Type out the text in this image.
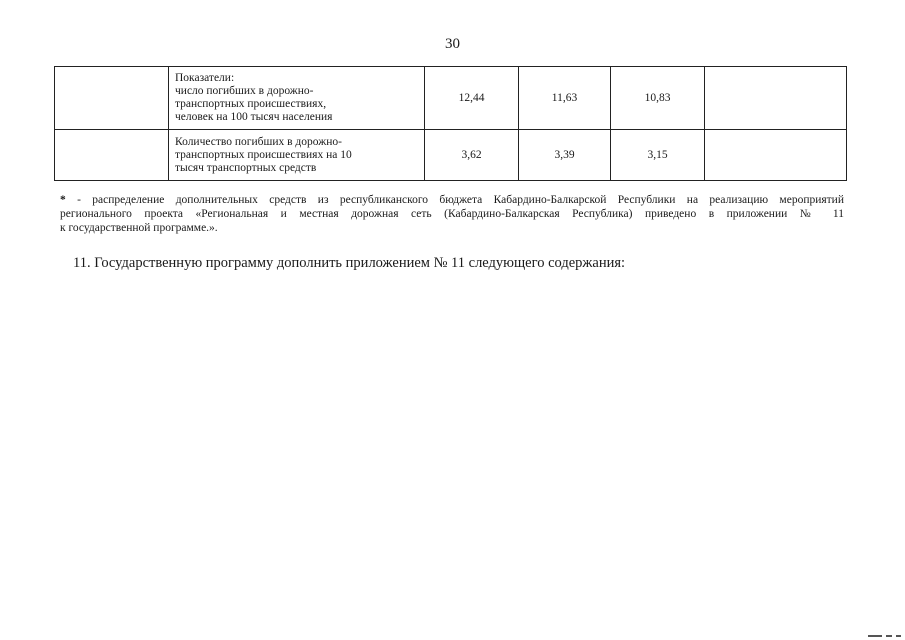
30

	Показатели:
число погибших в дорожно-
транспортных происшествиях,
человек на 100 тысяч населения	12,44	11,63	10,83	

	Количество погибших в дорожно-
транспортных происшествиях на 10
тысяч транспортных средств	3,62	3,39	3,15	
* - распределение дополнительных средств из республиканского бюджета Кабардино-Балкарской Республики на реализацию мероприятий
регионального проекта «Региональная и местная дорожная сеть (Кабардино-Балкарская Республика) приведено в приложении № 11
к государственной программе.».
11. Государственную программу дополнить приложением № 11 следующего содержания:
